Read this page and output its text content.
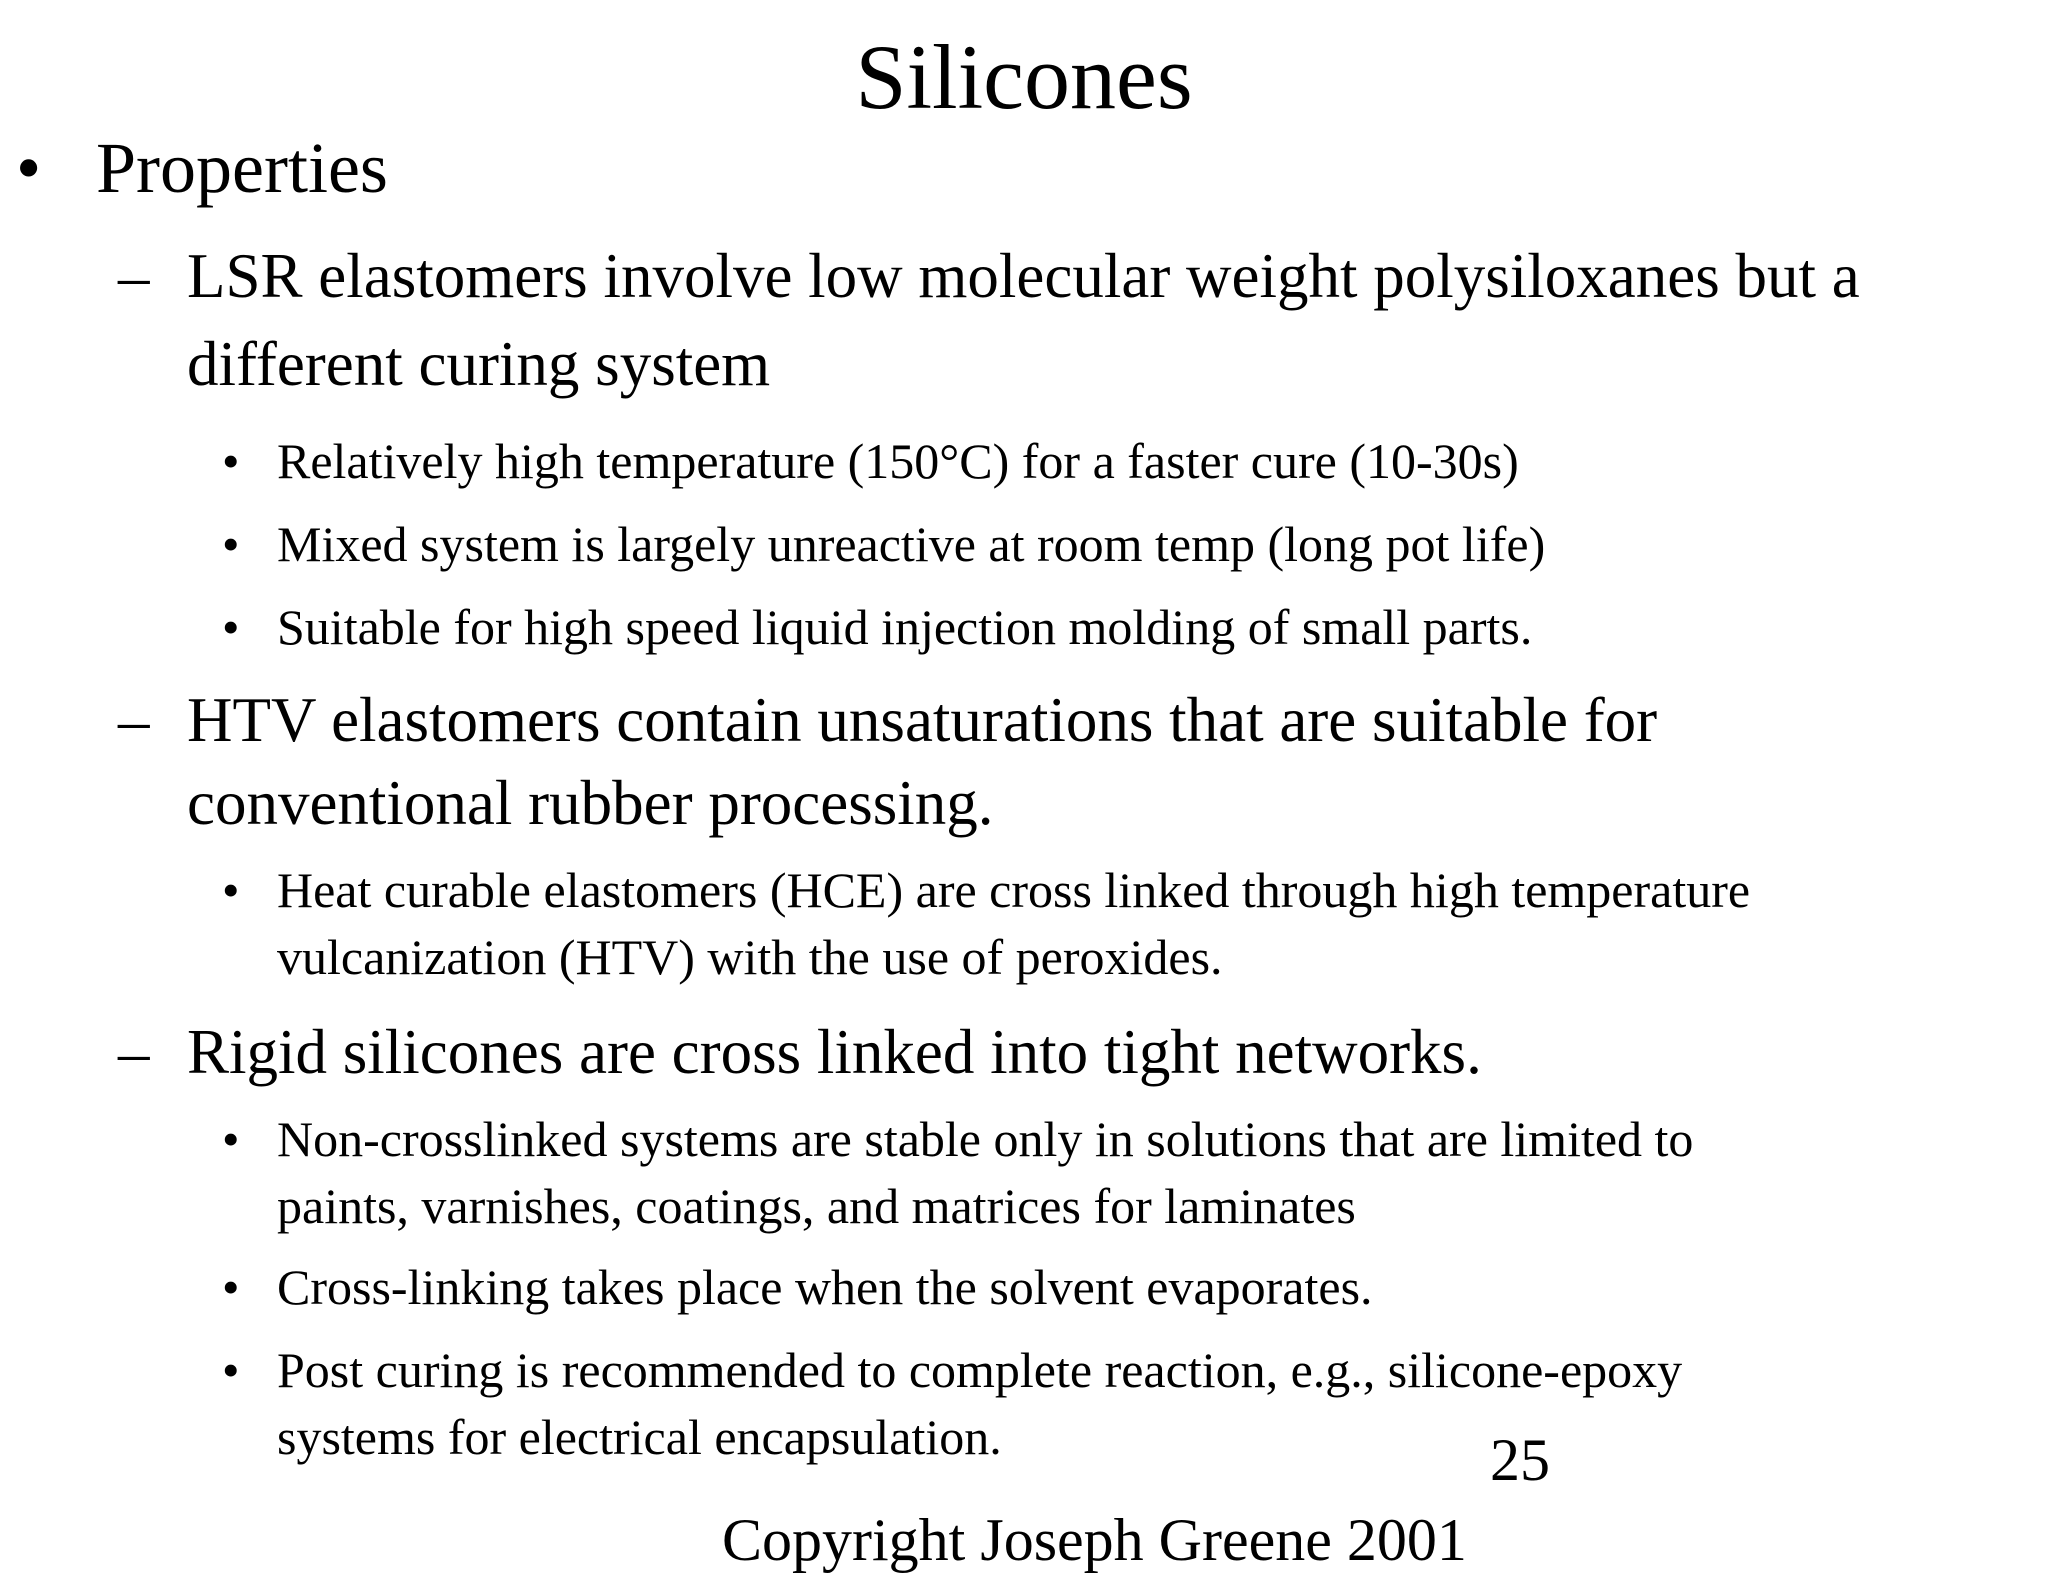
Silicones
• Properties
– LSR elastomers involve low molecular weight polysiloxanes but a
different curing system
• Relatively high temperature (150°C) for a faster cure (10-30s)
• Mixed system is largely unreactive at room temp (long pot life)
• Suitable for high speed liquid injection molding of small parts.
– HTV elastomers contain unsaturations that are suitable for
conventional rubber processing.
• Heat curable elastomers (HCE) are cross linked through high temperature
vulcanization (HTV) with the use of peroxides.
– Rigid silicones are cross linked into tight networks.
• Non-crosslinked systems are stable only in solutions that are limited to
paints, varnishes, coatings, and matrices for laminates
• Cross-linking takes place when the solvent evaporates.
• Post curing is recommended to complete reaction, e.g., silicone-epoxy
systems for electrical encapsulation.	25
Copyright Joseph Greene 2001
